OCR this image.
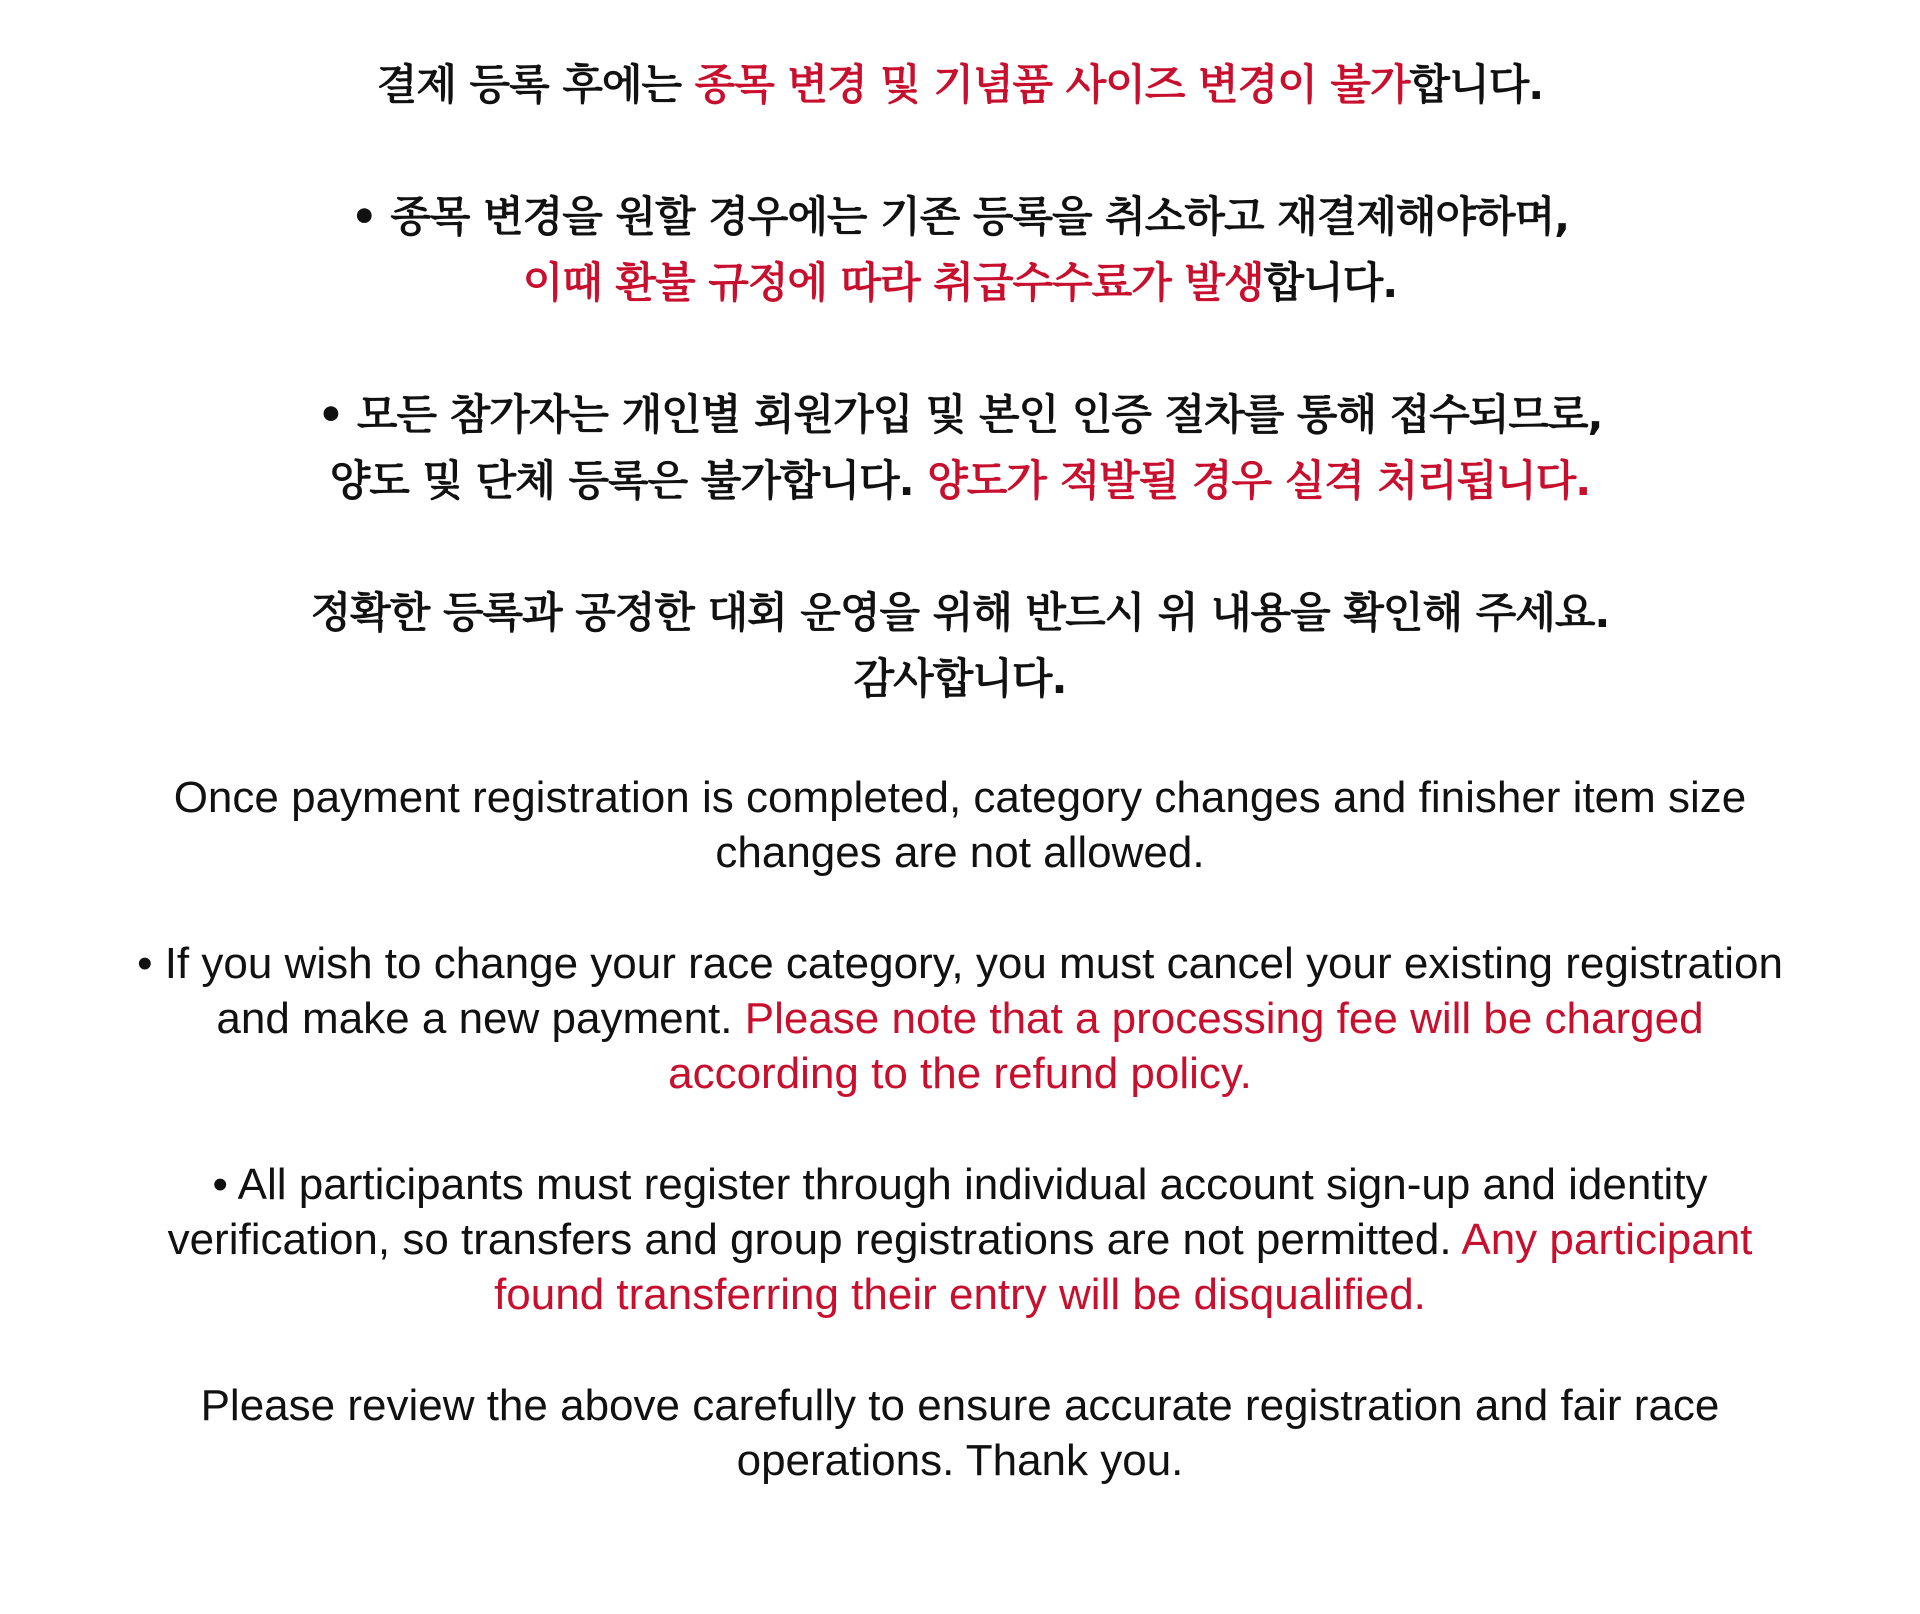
결제 등록 후에는 종목 변경 및 기념품 사이즈 변경이 불가합니다.

• 종목 변경을 원할 경우에는 기존 등록을 취소하고 재결제해야하며,
이때 환불 규정에 따라 취급수수료가 발생합니다.

• 모든 참가자는 개인별 회원가입 및 본인 인증 절차를 통해 접수되므로,
양도 및 단체 등록은 불가합니다. 양도가 적발될 경우 실격 처리됩니다.

정확한 등록과 공정한 대회 운영을 위해 반드시 위 내용을 확인해 주세요.
감사합니다.

Once payment registration is completed, category changes and finisher item size changes are not allowed.

• If you wish to change your race category, you must cancel your existing registration and make a new payment. Please note that a processing fee will be charged according to the refund policy.

• All participants must register through individual account sign-up and identity verification, so transfers and group registrations are not permitted. Any participant found transferring their entry will be disqualified.

Please review the above carefully to ensure accurate registration and fair race operations. Thank you.
